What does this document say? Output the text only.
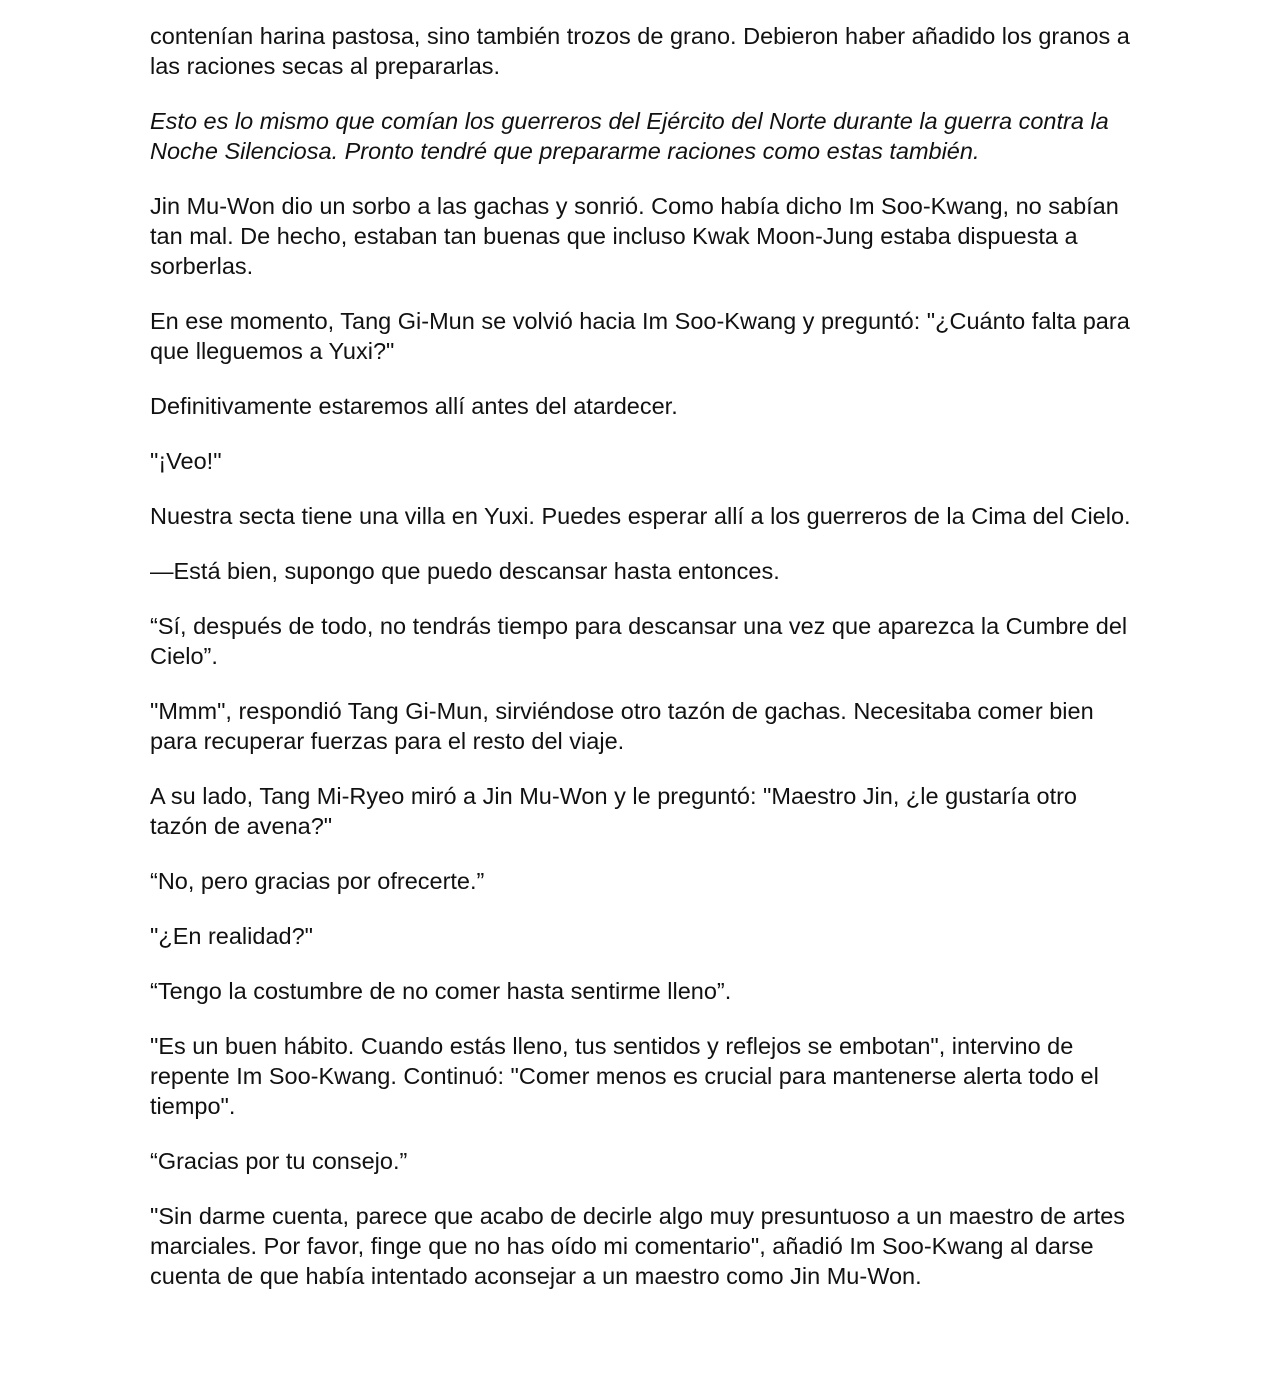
contenían harina pastosa, sino también trozos de grano. Debieron haber añadido los granos a las raciones secas al prepararlas.

Esto es lo mismo que comían los guerreros del Ejército del Norte durante la guerra contra la Noche Silenciosa. Pronto tendré que prepararme raciones como estas también.

Jin Mu-Won dio un sorbo a las gachas y sonrió. Como había dicho Im Soo-Kwang, no sabían tan mal. De hecho, estaban tan buenas que incluso Kwak Moon-Jung estaba dispuesta a sorberlas.

En ese momento, Tang Gi-Mun se volvió hacia Im Soo-Kwang y preguntó: "¿Cuánto falta para que lleguemos a Yuxi?"

Definitivamente estaremos allí antes del atardecer.

"¡Veo!"

Nuestra secta tiene una villa en Yuxi. Puedes esperar allí a los guerreros de la Cima del Cielo.

—Está bien, supongo que puedo descansar hasta entonces.

“Sí, después de todo, no tendrás tiempo para descansar una vez que aparezca la Cumbre del Cielo”.

"Mmm", respondió Tang Gi-Mun, sirviéndose otro tazón de gachas. Necesitaba comer bien para recuperar fuerzas para el resto del viaje.

A su lado, Tang Mi-Ryeo miró a Jin Mu-Won y le preguntó: "Maestro Jin, ¿le gustaría otro tazón de avena?"

“No, pero gracias por ofrecerte.”

"¿En realidad?"

“Tengo la costumbre de no comer hasta sentirme lleno”.

"Es un buen hábito. Cuando estás lleno, tus sentidos y reflejos se embotan", intervino de repente Im Soo-Kwang. Continuó: "Comer menos es crucial para mantenerse alerta todo el tiempo".

“Gracias por tu consejo.”

"Sin darme cuenta, parece que acabo de decirle algo muy presuntuoso a un maestro de artes marciales. Por favor, finge que no has oído mi comentario", añadió Im Soo-Kwang al darse cuenta de que había intentado aconsejar a un maestro como Jin Mu-Won.
